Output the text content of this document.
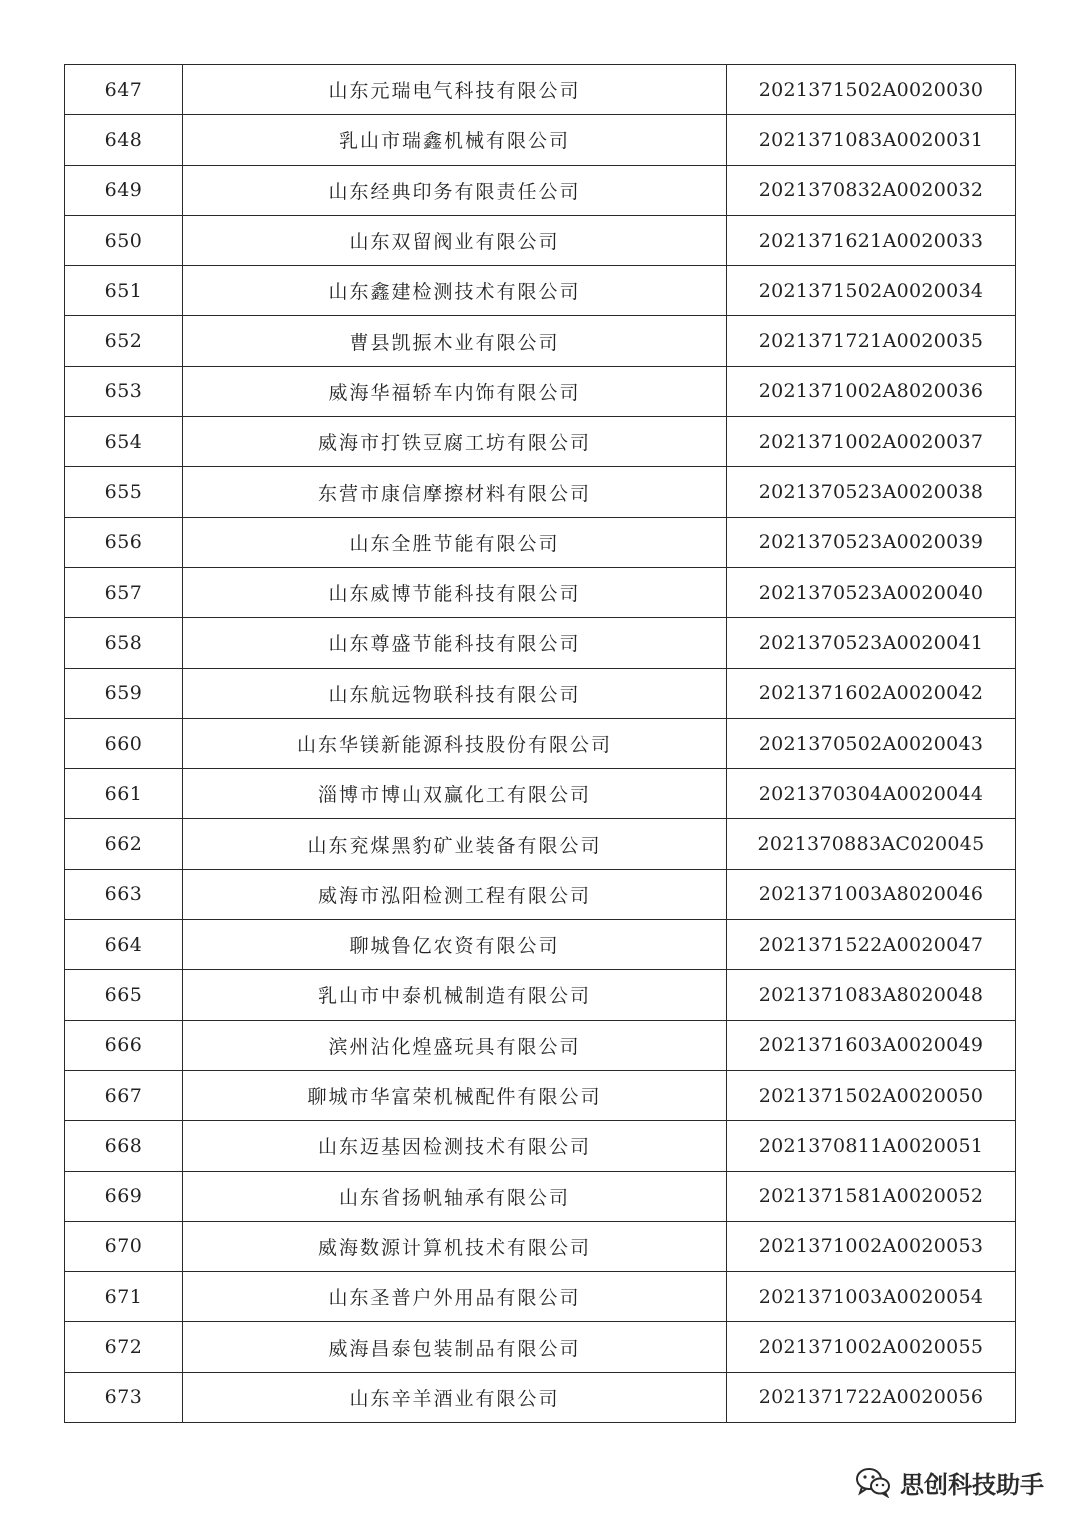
647	山东元瑞电气科技有限公司	2021371502A0020030
648	乳山市瑞鑫机械有限公司	2021371083A0020031
649	山东经典印务有限责任公司	2021370832A0020032
650	山东双留阀业有限公司	2021371621A0020033
651	山东鑫建检测技术有限公司	2021371502A0020034
652	曹县凯振木业有限公司	2021371721A0020035
653	威海华福轿车内饰有限公司	2021371002A8020036
654	威海市打铁豆腐工坊有限公司	2021371002A0020037
655	东营市康信摩擦材料有限公司	2021370523A0020038
656	山东全胜节能有限公司	2021370523A0020039
657	山东威博节能科技有限公司	2021370523A0020040
658	山东尊盛节能科技有限公司	2021370523A0020041
659	山东航远物联科技有限公司	2021371602A0020042
660	山东华镁新能源科技股份有限公司	2021370502A0020043
661	淄博市博山双赢化工有限公司	2021370304A0020044
662	山东兖煤黑豹矿业装备有限公司	2021370883AC020045
663	威海市泓阳检测工程有限公司	2021371003A8020046
664	聊城鲁亿农资有限公司	2021371522A0020047
665	乳山市中泰机械制造有限公司	2021371083A8020048
666	滨州沾化煌盛玩具有限公司	2021371603A0020049
667	聊城市华富荣机械配件有限公司	2021371502A0020050
668	山东迈基因检测技术有限公司	2021370811A0020051
669	山东省扬帆轴承有限公司	2021371581A0020052
670	威海数源计算机技术有限公司	2021371002A0020053
671	山东圣普户外用品有限公司	2021371003A0020054
672	威海昌泰包装制品有限公司	2021371002A0020055
673	山东辛羊酒业有限公司	2021371722A0020056
思创科技助手
